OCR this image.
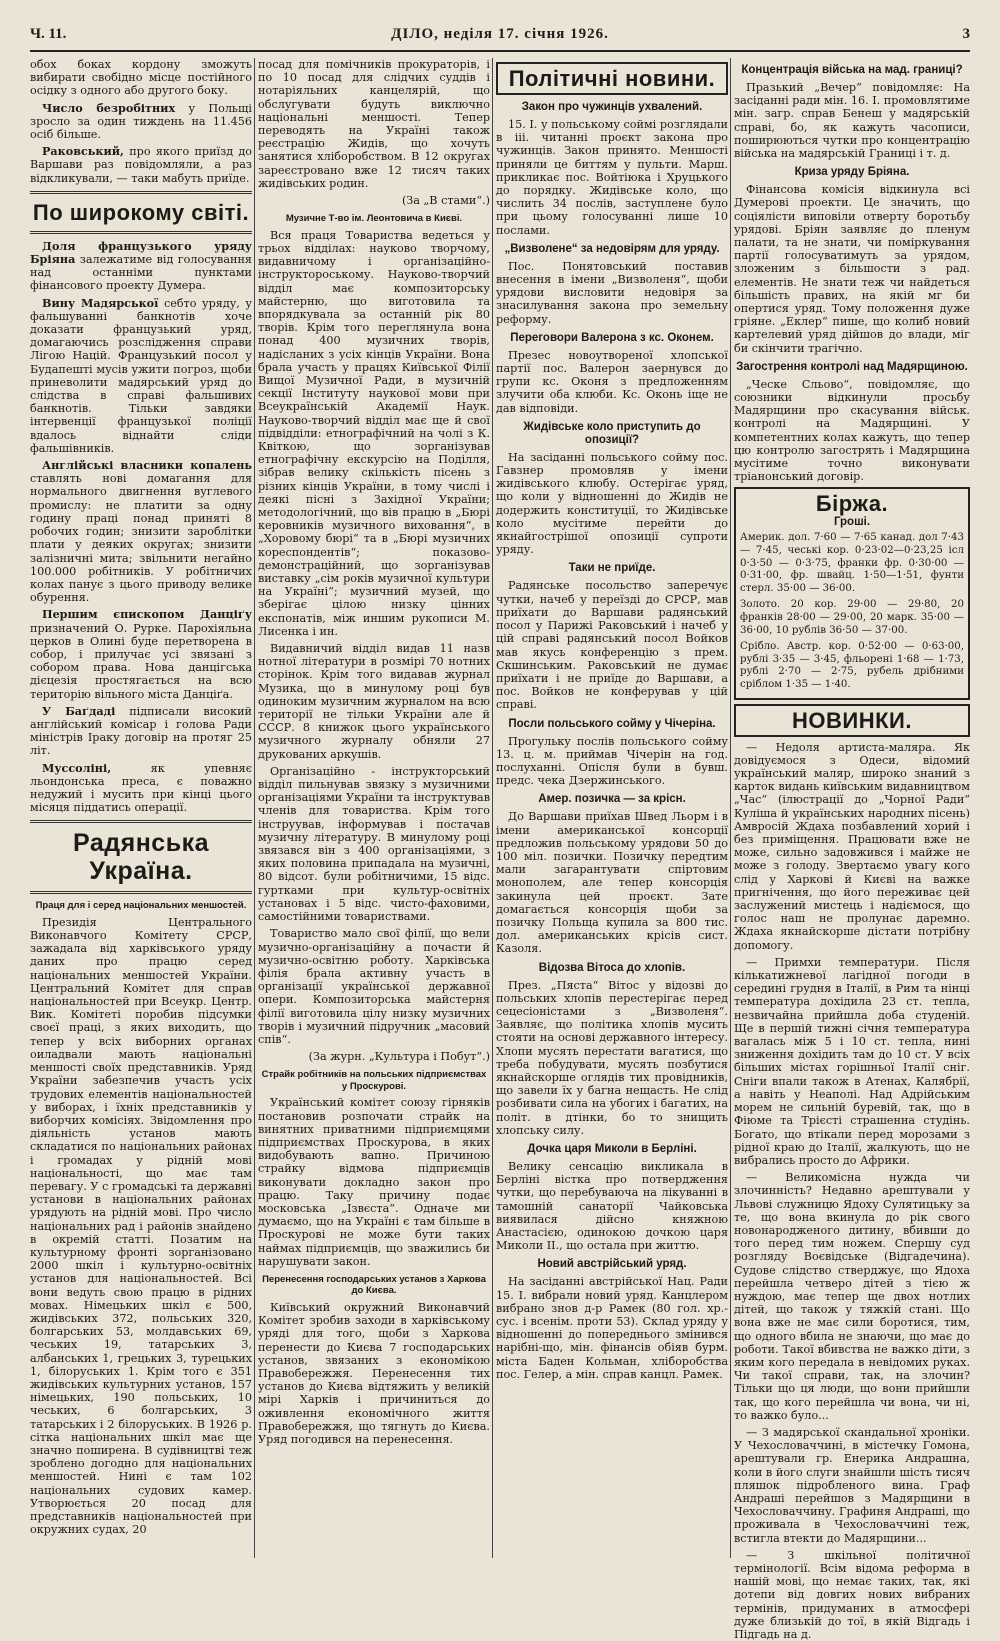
Ч. 11.	ДІЛО, неділя 17. січня 1926.	3

обох боках кордону зможуть вибирати свобідно місце постійного осідку з одного або другого боку.

Число безробітних у Польщі зросло за один тиждень на 11.456 осіб більше.

Раковський, про якого приїзд до Варшави раз повідомляли, а раз відкликували, — таки мабуть приїде.

По широкому світі.

Доля французького уряду Бріяна залежатиме від голосування над останніми пунктами фінансового проекту Думера.

Вину Мадярської себто уряду, у фальшуванні банкнотів хоче доказати французький уряд, домагаючись розслідження справи Лігою Націй. Французький посол у Будапешті мусів ужити погроз, щоби приневолити мадярський уряд до слідства в справі фальшивих банкнотів. Тільки завдяки інтервенції французької поліції вдалось віднайти сліди фальшівників.

Англійські власники копалень ставлять нові домагання для нормального двигнення вуглевого промислу: не платити за одну годину праці понад приняті 8 робочих годин; знизити зароблітки плати у деяких округах; знизити залізничні мита; звільнити негайно 100.000 робітників. У робітничих колах панує з цього приводу велике обурення.

Першим єпископом Данціґу призначений О. Рурке. Парохіяльна церков в Олині буде перетворена в собор, і прилучає усі звязані з собором права. Нова данцігська дієцезія простягається на всю територію вільного міста Данціґа.

У Баґдаді підписали високий англійський комісар і голова Ради міністрів Іраку договір на протяг 25 літ.

Муссоліні,	як упевняє льондонська преса, є поважно недужий і мусить при кінці цього місяця піддатись операції.

Радянська Україна.
Праця для і серед національних меншостей.

Президія Центрального Виконавчого Комітету СРСР, зажадала від харківського уряду даних про працю серед національних меншостей України. Центральний Комітет для справ національностей при Всеукр. Центр. Вик. Комітеті поробив підсумки своєї праці, з яких виходить, що тепер у всіх виборних органах оиладвали мають національні меншості своїх представників. Уряд України забезпечив участь усіх трудових елементів національностей у виборах, і їхніх представників у виборчих комісіях. Звідомлення про діяльність установ мають складатися по національних районах і громадах у рідній мові національності, що має там перевагу. У с громадські та державні установи в національних районах урядують на рідній мові. Про число національних рад і районів знайдено в окремій статті. Позатим на культурному фронті зорганізовано 2000 шкіл і культурно-освітніх установ для національностей. Всі вони ведуть свою працю в рідних мовах. Німецьких шкіл є 500, жидівських 372, польських 320, болгарських 53, молдавських 69, чеських 19, татарських 3, албанських 1, грецьких 3, турецьких 1, білоруських 1. Крім того є 351 жидівських культурних установ, 157 німецьких, 190 польських, 10 чеських, 6 болгарських, 3 татарських і 2 білоруських. В 1926 р. сітка національних шкіл має ще значно поширена. В судівництві теж зроблено догодно для національних меншостей. Нині є там 102 національних судових камер. Утворюється 20 посад для представників національностей при окружних судах, 20

посад для помічників прокураторів, і по 10 посад для слідчих суддів і нотаріяльних канцелярій, що обслугувати будуть виключно національні меншості. Тепер переводять на Україні також реєстрацію Жидів, що хочуть занятися хліборобством. В 12 округах зареєстровано вже 12 тисяч таких жидівських родин.

(За „В стами“.)

Музичне Т-во ім. Леонтовича в Києві.

Вся праця Товариства ведеться у трьох відділах: науково творчому, видавничому і організаційно-інструктороському. Науково-творчий відділ має композиторську майстерню, що виготовила та впорядкувала за останній рік 80 творів. Крім того переглянула вона понад 400 музичних творів, надісланих з усіх кінців України. Вона брала участь у працях Київської Філії Вищої Музичної Ради, в музичній секції Інституту наукової мови при Всеукраїнській Академії Наук. Науково-творчий відділ має ще й свої підвідділи: етнографічний на чолі з К. Квіткою, що зорганізував етнографічну екскурсію на Поділля, зібрав велику скількість пісень з різних кінців України, в тому числі і деякі пісні з Західної України; методологічний, що вів працю в „Бюрі керовників музичного виховання“, в „Хоровому бюрі“ та в „Бюрі музичних кореспондентів“; показово-демонстраційний, що зорганізував виставку „сім років музичної культури на Україні“; музичний музей, що зберігає цілою низку цінних експонатів, між иншим рукописи М. Лисенка і ин.

Видавничий відділ видав 11 назв нотної літератури в розмірі 70 нотних сторінок. Крім того видавав журнал Музика, що в минулому році був одиноким музичним журналом на всю території не тільки України але й СССР. 8 книжок цього українського музичного журналу обняли 27 друкованих аркушів.

Організаційно - інструкторський відділ пильнував звязку з музичними організаціями України та інструктував членів для товариства. Крім того інструував, інформував і постачав музичну літературу. В минулому році звязався він з 400 організаціями, з яких половина припадала на музичні, 80 відсот. були робітничими, 15 відс. гуртками при культур-освітніх установах і 5 відс. чисто-фаховими, самостійними товариствами.

Товариство мало свої філії, що вели музично-організаційну а почасти й музично-освітню роботу. Харківська філія брала активну участь в організації української державної опери. Композиторська майстерня філії виготовила цілу низку музичних творів і музичний підручник „масовий спів“.

(За журн. „Культура і Побут“.)

Страйк робітників на польських підприємствах у Проскурові.

Український комітет союзу гірняків постановив розпочати страйк на винятних приватними підприємцями підприємствах Проскурова, в яких видобувають вапно. Причиною страйку відмова підприємців виконувати докладно закон про працю. Таку причину подає московська „Ізвєста“. Одначе ми думаємо, що на Україні є там більше в Проскурові не може бути таких наймах підприємців, що зважились би нарушувати закон.

Перенесення господарських установ з Харкова до Києва.

Київський окружний Виконавчий Комітет зробив заходи в харківському уряді для того, щоби з Харкова перенести до Києва 7 господарських установ, звязаних з економікою Правобережжя. Перенесення тих установ до Києва відтяжить у великій мірі Харків і причиниться до оживлення економічного життя Правобережжя, що тягнуть до Києва. Уряд погодився на перенесення.

Політичні новини.
Закон про чужинців ухвалений.

15. І. у польському соймі розглядали в ііі. читанні проєкт закона про чужинців. Закон принято. Меншості приняли це биттям у пульти. Марш. прикликає пос. Войтіюка і Хруцького до порядку. Жидівське коло, що числить 34 послів, заступлене було при цьому голосуванні лише 10 послами.

„Визволене“ за недовірям для уряду.

Пос. Понятовський поставив внесення в імени „Визволеня“, щоби урядови висловити недовіря за знасилування закона про земельну реформу.

Переговори Валерона з кс. Оконем.

Презес новоутвореної хлопської партії пос. Валерон заернувся до групи кс. Оконя з предложенням злучити оба клюби. Кс. Оконь іще не дав відповіди.

Жидівське коло приступить до опозиції?

На засіданні польського сойму пос. Гавзнер промовляв у імени жидівського клюбу. Остерігає уряд, що коли у відношенні до Жидів не додержить конституції, то Жидівське коло мусітиме перейти до якнайгострішої опозиції супроти уряду.

Таки не приїде.

Радянське посольство заперечує чутки, начеб у переїзді до СРСР, мав приїхати до Варшави радянський посол у Парижі Раковський і начеб у цій справі радянський посол Войков мав якусь конференцію з прем. Скшинським. Раковський не думає приїхати і не приїде до Варшави, а пос. Войков не конферував у цій справі.

Посли польського сойму у Чічеріна.

Прогульку послів польського сойму 13. ц. м. приймав Чічерін на год. послуханні. Опісля були в бувш. предс. чека Дзержинського.

Амер. позичка — за крісн.

До Варшави приїхав Швед Льорм і в імени американської консорції предложив польському урядови 50 до 100 міл. позички. Позичку передтим мали загарантувати спіртовим монополем, але тепер консорція закинула цей проєкт. Зате домагається консорція щоби за позичку Польща купила за 800 тис. дол. американських крісів сист. Казоля.

Відозва Вітоса до хлопів.

През. „Пяста“ Вітос у відозві до польських хлопів перестерігає перед сецесіоністами з „Визволеня“. Заявляє, що політика хлопів мусить стояти на основі державного інтересу. Хлопи мусять перестати вагатися, що треба побудувати, мусять позбутися якнайскорше оглядів тих провідників, що завели їх у багна нещасть. Не слід розбивати сила на убогих і багатих, на політ. в дтінки, бо то знищить хлопську силу.

Дочка царя Миколи в Берліні.

Велику сенсацію викликала в Берліні вістка про потвердження чутки, що перебуваюча на лікуванні в тамошній санаторії Чайковська виявилася дійсно княжною Анастасією, одинокою дочкою царя Миколи ІІ., що остала при життю.

Новий австрійський уряд.

На засіданні австрійської Нац. Ради 15. І. вибрали новий уряд. Канцлером вибрано знов д-р Рамек (80 гол. хр.-сус. і всенім. проти 53). Склад уряду у відношенні до попереднього змінився нарібні-що, мін. фінансів обіяв бурм. міста Баден Кольман, хліборобства пос. Гелер, а мін. справ канцл. Рамек.

Концентрація війська на мад. границі?

Празький „Вечер“ повідомляє: На засіданні ради мін. 16. І. промовлятиме мін. загр. справ Бенеш у мадярській справі, бо, як кажуть часописи, поширюються чутки про концентрацію війська на мадярській Границі і т. д.

Криза уряду Бріяна.

Фінансова комісія відкинула всі Думерові проекти. Це значить, що соціялісти виповіли отверту боротьбу урядові. Бріян заявляє до пленум палати, та не знати, чи поміркування партії голосуватимуть за урядом, зложеним з більшости з рад. елементів. Не знати теж чи найдеться більшість правих, на якій мг би опертися уряд. Тому положення дуже гріяне. „Еклер“ пише, що колиб новий картелевий уряд дійшов до влади, міг би скінчити трагічно.

Загострення контролі над Мадярщиною.

„Ческе Сльово“, повідомляє, що союзники відкинули просьбу Мадярщини про скасування військ. контролі на Мадярщині. У компетентних колах кажуть, що тепер цю контролю загострять і Мадярщина мусітиме точно виконувати тріанонський договір.

Біржа.
Гроші.

Америк. дол. 7·60 — 7·65 канад. дол 7·43 — 7·45, чеські кор. 0·23·02—0·23,25 ісл 0·3·50 — 0·3·75, франки фр. 0·30·00 — 0·31·00, фр. швайц. 1·50—1·51, фунти стерл. 35·00 — 36·00.

Золото. 20 кор. 29·00 — 29·80, 20 франків 28·00 — 29·00, 20 марк. 35·00 — 36·00, 10 рублів 36·50 — 37·00.

Срібло. Австр. кор. 0·52·00 — 0·63·00, рублі 3·35 — 3·45, фльорені 1·68 — 1·73, рублі 2·70 — 2·75, рубель дрібними сріблом 1·35 — 1·40.

НОВИНКИ.

— Недоля артиста-маляра. Як довідуємося з Одеси, відомий український маляр, широко знаний з карток видань київським видавництвом „Час“ (ілюстрації до „Чорної Ради“ Куліша й українських народних пісень) Амвросій Ждаха позбавлений хорий і без приміщення. Працювати вже не може, сильно задовжився і майже не може з голоду. Звертаємо увагу кого слід у Харкові й Києві на важке пригнічення, що його переживає цей заслужений мистець і надіємося, що голос наш не пролунає даремно. Ждаха якнайскорше дістати потрібну допомогу.

— Примхи температури. Після кількатижневої лагідної погоди в середині грудня в Італії, в Рим та нінці температура дохідила 23 ст. тепла, незвичайна прийшла доба студеній. Ще в першій тижні січня температура вагалась між 5 і 10 ст. тепла, нині зниження дохідить там до 10 ст. У всіх більших містах горішньої Італії сніг. Сніги впали також в Атенах, Калябрії, а навіть у Неаполі. Над Адрійським морем не сильній буревій, так, що в Фіюме та Трієсті страшенна студінь. Богато, що втікали перед морозами з рідної краю до Італії, жалкують, що не вибрались просто до Африки.

— Великомісна нужда чи злочинність? Недавно арештували у Львові служницю Ядоху Сулятицьку за те, що вона вкинула до рік свого новонародженого дитину, вбивши до того перед тим ножем. Спершу суд розгляду Воєвідське (Відгадечина). Судове слідство стверджує, що Ядоха перейшла четверо дітей з тією ж нуждою, має тепер ще двох нотлих дітей, що також у тяжкій стані. Що вона вже не має сили боротися, тим, що одного вбила не знаючи, що має до роботи. Такої вбивства не важко діти, з яким кого передала в невідомих руках. Чи такої справи, так, на злочин? Тільки що ця люди, що вони прийшли так, що кого перейшла чи вона, чи ні, то важко було...

— З мадярської скандальної хроніки. У Чехословаччині, в містечку Гомона, арештували гр. Енерика Андрашна, коли в його слуги знайшли шість тисяч пляшок підробленого вина. Граф Андраші перейшов з Мадярщини в Чехословаччину. Графиня Андраші, що проживала в Чехословаччині теж, встигла втекти до Мадярщини...

— З шкільної політичної термінології. Всім відома реформа в нашій мові, що немає таких, так, які дотепи від довгих нових вибраних термінів, придуманих в атмосфері дуже близькій до тої, в якій Відгадь і Підгадь на д.
